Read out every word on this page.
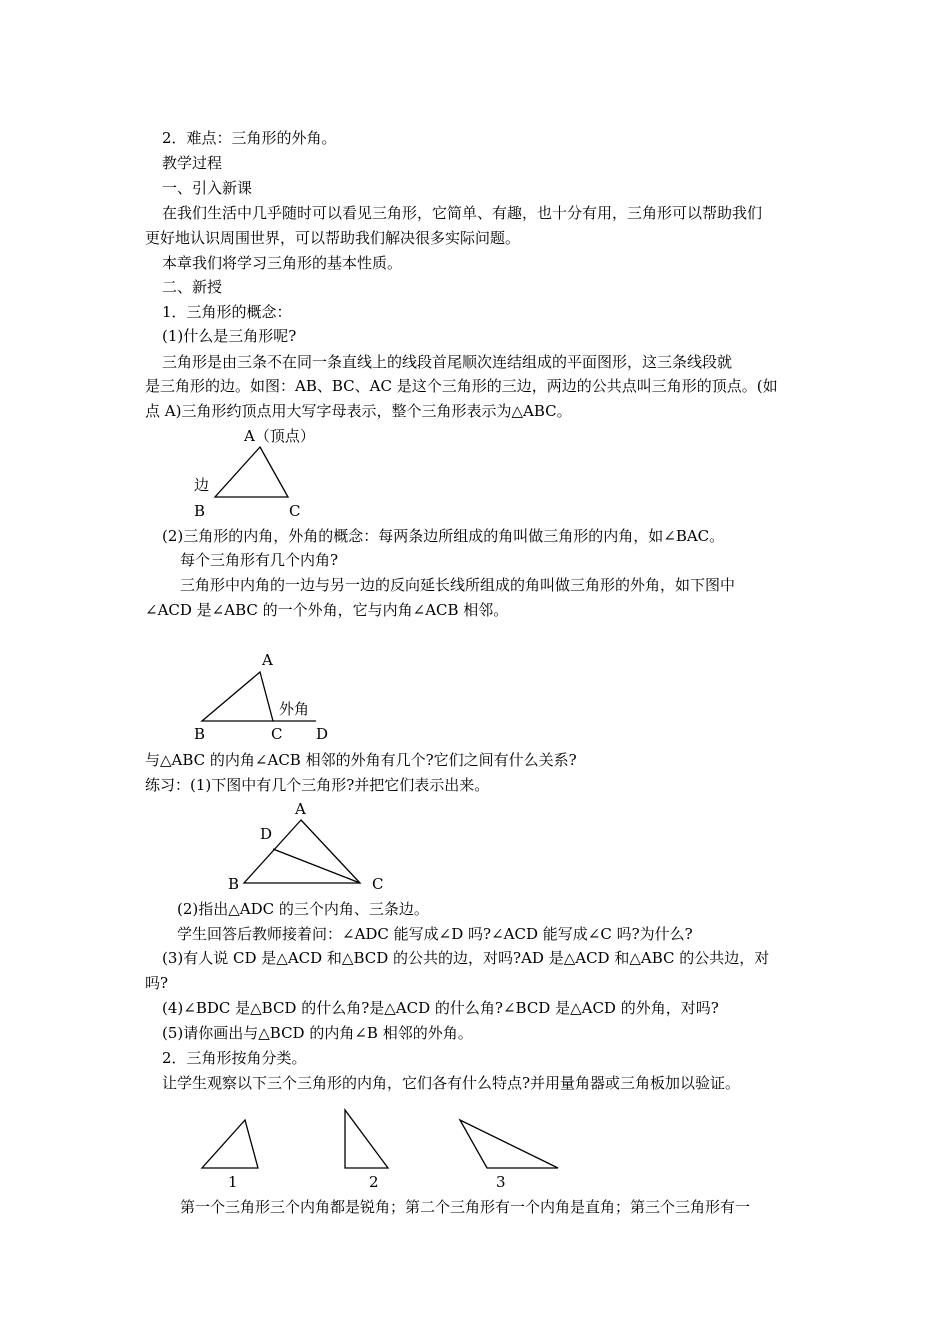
2．难点：三角形的外角。
教学过程
一、引入新课
在我们生活中几乎随时可以看见三角形，它简单、有趣，也十分有用，三角形可以帮助我们
更好地认识周围世界，可以帮助我们解决很多实际问题。
本章我们将学习三角形的基本性质。
二、新授
1．三角形的概念：
(1)什么是三角形呢?
三角形是由三条不在同一条直线上的线段首尾顺次连结组成的平面图形，这三条线段就
是三角形的边。如图：AB、BC、AC 是这个三角形的三边，两边的公共点叫三角形的顶点。(如
点 A)三角形约顶点用大写字母表示，整个三角形表示为△ABC。
(2)三角形的内角，外角的概念：每两条边所组成的角叫做三角形的内角，如∠BAC。
每个三角形有几个内角?
三角形中内角的一边与另一边的反向延长线所组成的角叫做三角形的外角，如下图中
∠ACD 是∠ABC 的一个外角，它与内角∠ACB 相邻。
与△ABC 的内角∠ACB 相邻的外角有几个?它们之间有什么关系?
练习：(1)下图中有几个三角形?并把它们表示出来。
(2)指出△ADC 的三个内角、三条边。
学生回答后教师接着问：∠ADC 能写成∠D 吗?∠ACD 能写成∠C 吗?为什么?
(3)有人说 CD 是△ACD 和△BCD 的公共的边，对吗?AD 是△ACD 和△ABC 的公共边，对
吗?
(4)∠BDC 是△BCD 的什么角?是△ACD 的什么角?∠BCD 是△ACD 的外角，对吗?
(5)请你画出与△BCD 的内角∠B 相邻的外角。
2．三角形按角分类。
让学生观察以下三个三角形的内角，它们各有什么特点?并用量角器或三角板加以验证。
第一个三角形三个内角都是锐角；第二个三角形有一个内角是直角；第三个三角形有一
A（顶点）
边
B	C
A
外角
B	C D
A
D
B	C
1	2	3
